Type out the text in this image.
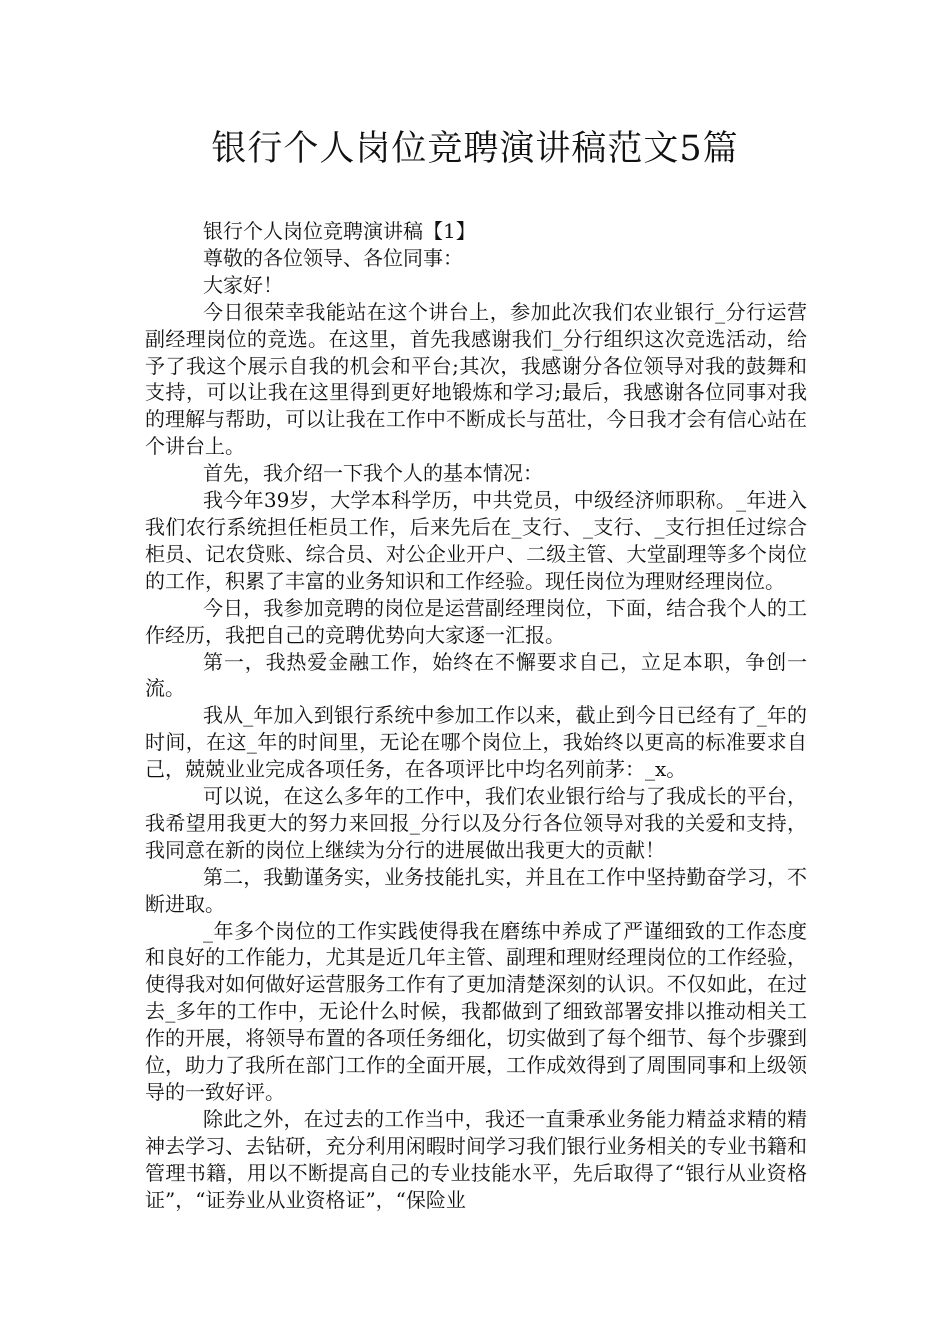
银行个人岗位竞聘演讲稿范文5篇

银行个人岗位竞聘演讲稿【1】

尊敬的各位领导、各位同事：

大家好！

今日很荣幸我能站在这个讲台上，参加此次我们农业银行_分行运营副经理岗位的竞选。在这里，首先我感谢我们_分行组织这次竞选活动，给予了我这个展示自我的机会和平台;其次，我感谢分各位领导对我的鼓舞和支持，可以让我在这里得到更好地锻炼和学习;最后，我感谢各位同事对我的理解与帮助，可以让我在工作中不断成长与茁壮，今日我才会有信心站在个讲台上。

首先，我介绍一下我个人的基本情况：

我今年39岁，大学本科学历，中共党员，中级经济师职称。_年进入我们农行系统担任柜员工作，后来先后在_支行、_支行、_支行担任过综合柜员、记农贷账、综合员、对公企业开户、二级主管、大堂副理等多个岗位的工作，积累了丰富的业务知识和工作经验。现任岗位为理财经理岗位。

今日，我参加竞聘的岗位是运营副经理岗位，下面，结合我个人的工作经历，我把自己的竞聘优势向大家逐一汇报。

第一，我热爱金融工作，始终在不懈要求自己，立足本职，争创一流。

我从_年加入到银行系统中参加工作以来，截止到今日已经有了_年的时间，在这_年的时间里，无论在哪个岗位上，我始终以更高的标准要求自己，兢兢业业完成各项任务，在各项评比中均名列前茅：_x。

可以说，在这么多年的工作中，我们农业银行给与了我成长的平台，我希望用我更大的努力来回报_分行以及分行各位领导对我的关爱和支持，我同意在新的岗位上继续为分行的进展做出我更大的贡献！

第二，我勤谨务实，业务技能扎实，并且在工作中坚持勤奋学习，不断进取。

_年多个岗位的工作实践使得我在磨练中养成了严谨细致的工作态度和良好的工作能力，尤其是近几年主管、副理和理财经理岗位的工作经验，使得我对如何做好运营服务工作有了更加清楚深刻的认识。不仅如此，在过去_多年的工作中，无论什么时候，我都做到了细致部署安排以推动相关工作的开展，将领导布置的各项任务细化，切实做到了每个细节、每个步骤到位，助力了我所在部门工作的全面开展，工作成效得到了周围同事和上级领导的一致好评。

除此之外，在过去的工作当中，我还一直秉承业务能力精益求精的精神去学习、去钻研，充分利用闲暇时间学习我们银行业务相关的专业书籍和管理书籍，用以不断提高自己的专业技能水平，先后取得了“银行从业资格证”，“证券业从业资格证”，“保险业
